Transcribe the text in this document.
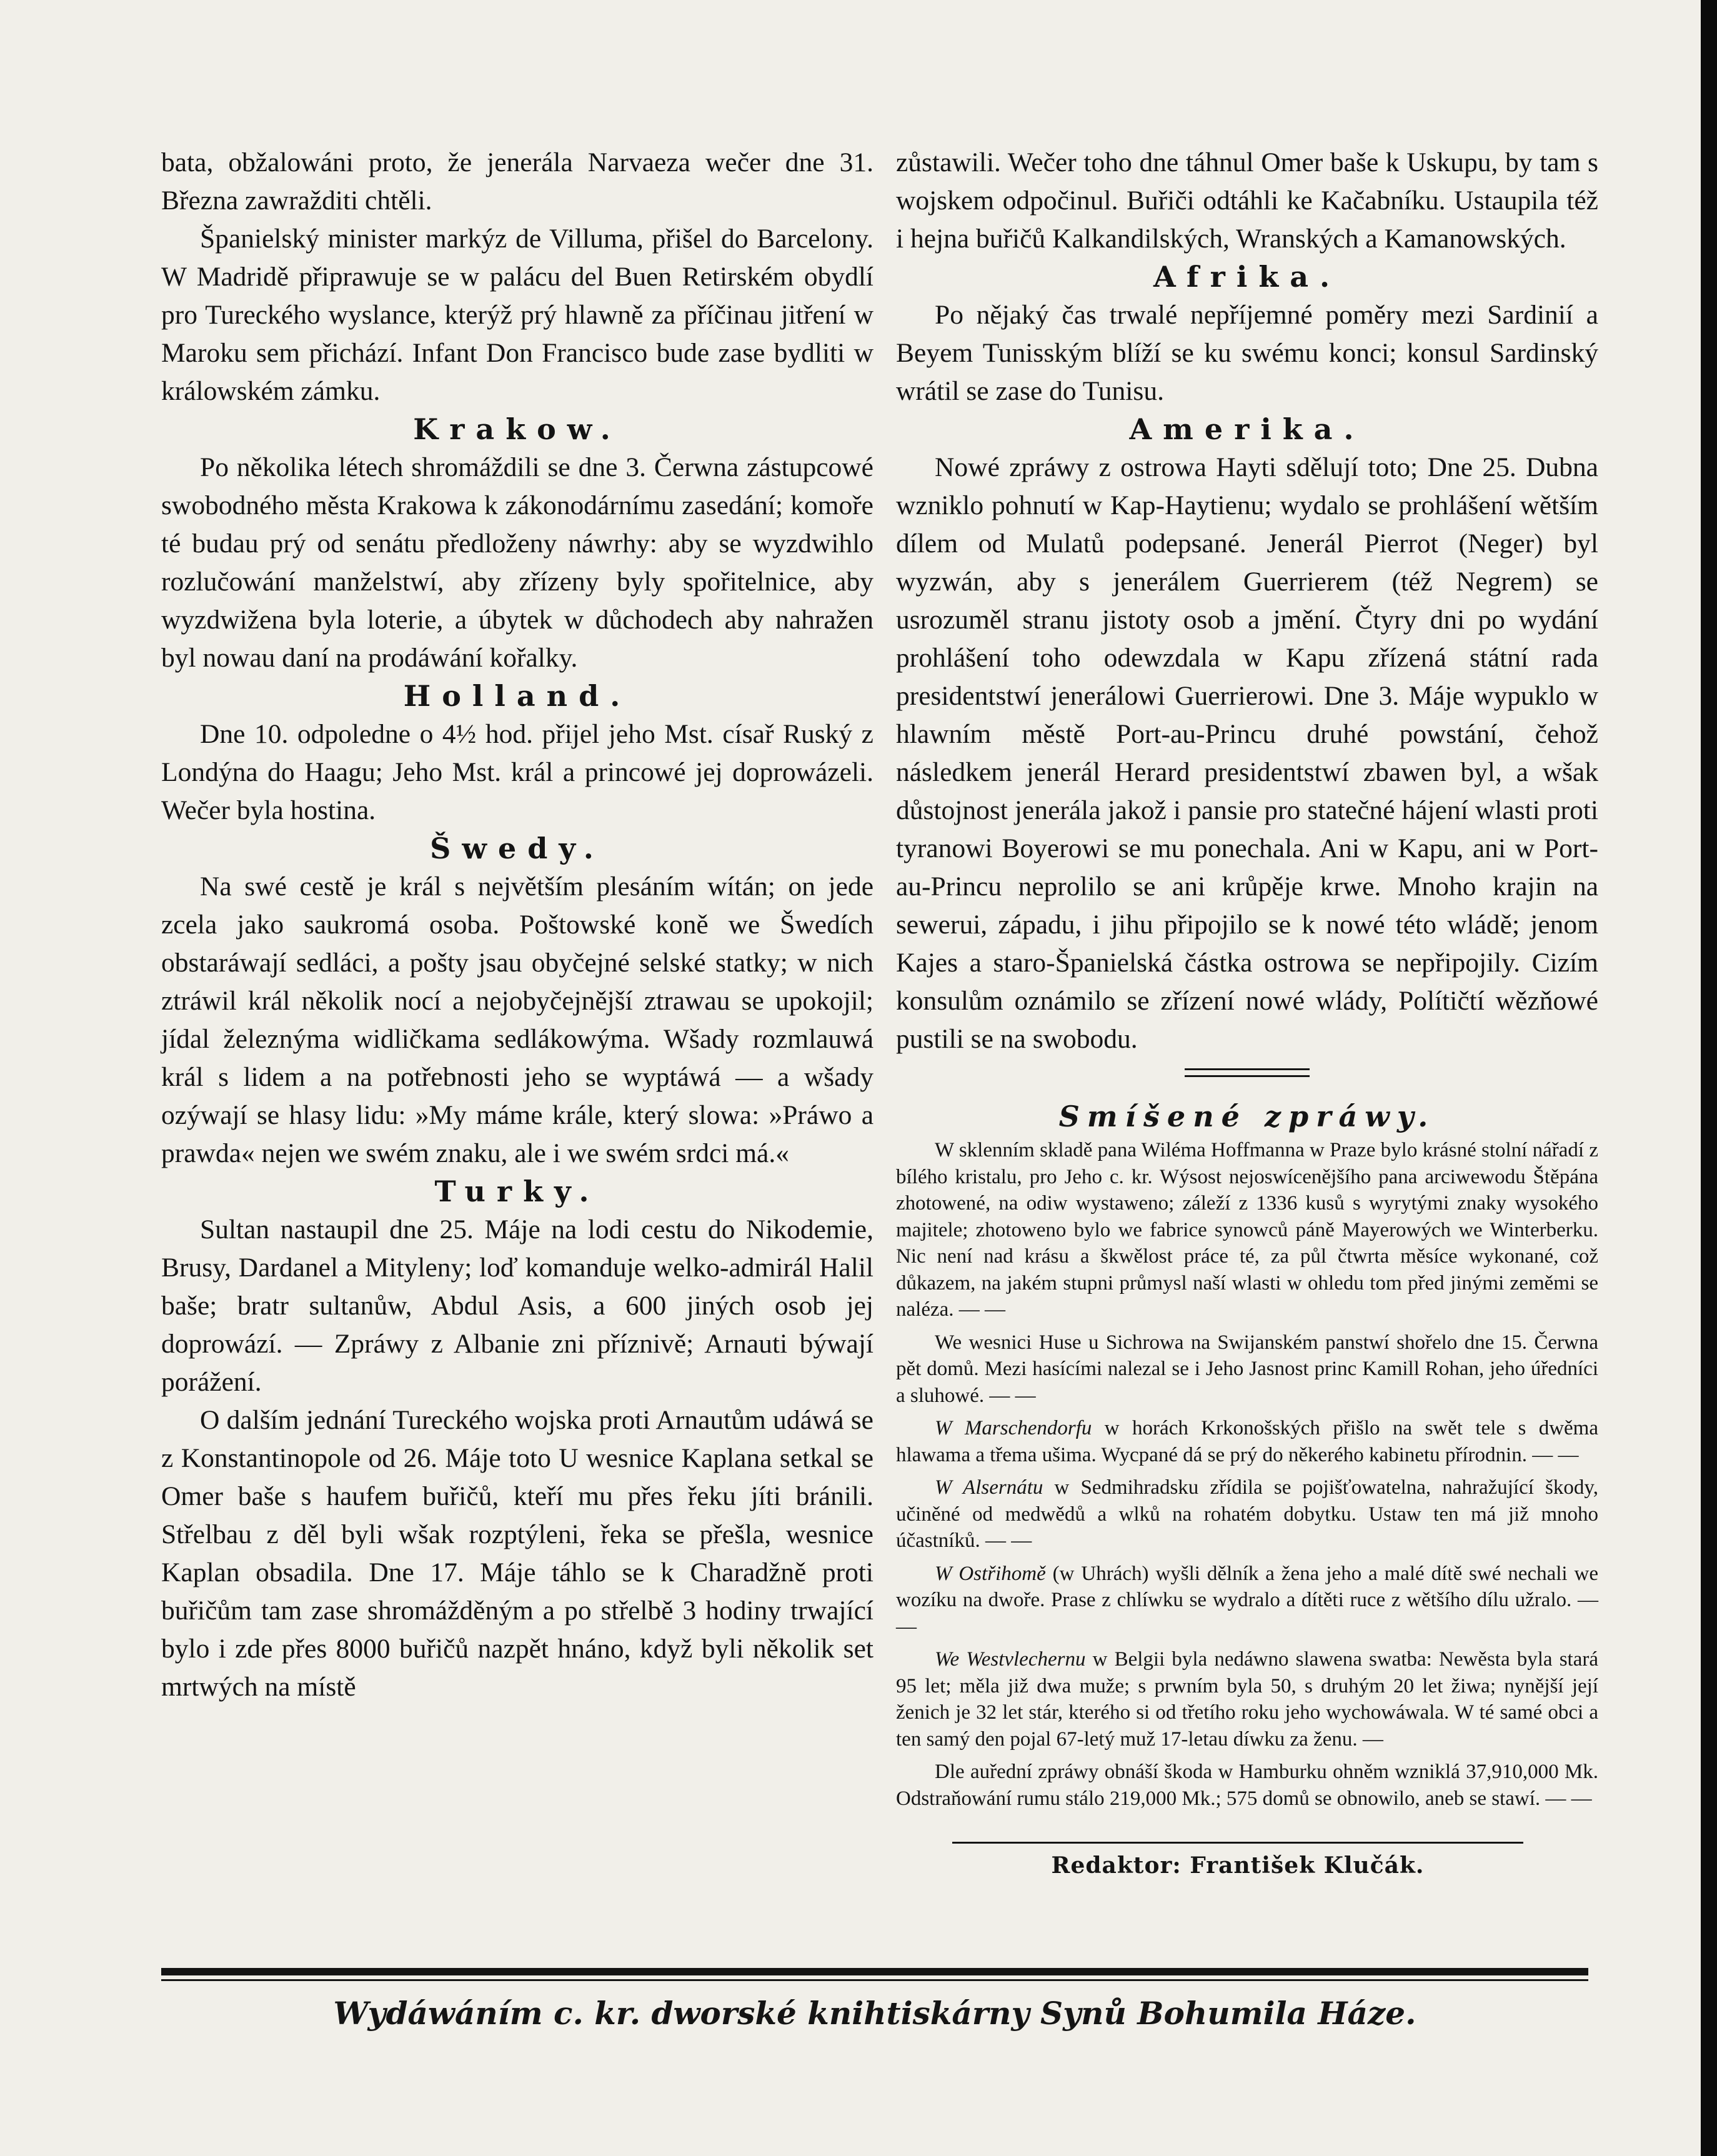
bata, obžalowáni proto, že jenerála Narvaeza wečer dne 31. Března zawražditi chtěli.

Španielský minister markýz de Villuma, přišel do Barcelony. W Madridě připrawuje se w palácu del Buen Retirském obydlí pro Tureckého wyslance, kterýž prý hlawně za příčinau jitření w Maroku sem přichází. Infant Don Francisco bude zase bydliti w králowském zámku.

Krakow.

Po několika létech shromáždili se dne 3. Čerwna zástupcowé swobodného města Krakowa k zákonodárnímu zasedání; komoře té budau prý od senátu předloženy náwrhy: aby se wyzdwihlo rozlučowání manželstwí, aby zřízeny byly spořitelnice, aby wyzdwižena byla loterie, a úbytek w důchodech aby nahražen byl nowau daní na prodáwání kořalky.

Holland.

Dne 10. odpoledne o 4½ hod. přijel jeho Mst. císař Ruský z Londýna do Haagu; Jeho Mst. král a princowé jej doprowázeli. Wečer byla hostina.

Šwedy.

Na swé cestě je král s největším plesáním wítán; on jede zcela jako saukromá osoba. Poštowské koně we Šwedích obstaráwají sedláci, a pošty jsau obyčejné selské statky; w nich ztráwil král několik nocí a nejobyčejnější ztrawau se upokojil; jídal železnýma widličkama sedlákowýma. Wšady rozmlauwá král s lidem a na potřebnosti jeho se wyptáwá — a wšady ozýwají se hlasy lidu: »My máme krále, který slowa: »Práwo a prawda« nejen we swém znaku, ale i we swém srdci má.«

Turky.

Sultan nastaupil dne 25. Máje na lodi cestu do Nikodemie, Brusy, Dardanel a Mityleny; loď komanduje welko-admirál Halil baše; bratr sultanůw, Abdul Asis, a 600 jiných osob jej doprowází. — Zpráwy z Albanie zni příznivě; Arnauti býwají porážení.

O dalším jednání Tureckého wojska proti Arnautům udáwá se z Konstantinopole od 26. Máje toto U wesnice Kaplana setkal se Omer baše s haufem buřičů, kteří mu přes řeku jíti bránili. Střelbau z děl byli wšak rozptýleni, řeka se přešla, wesnice Kaplan obsadila. Dne 17. Máje táhlo se k Charadžně proti buřičům tam zase shromážděným a po střelbě 3 hodiny trwající bylo i zde přes 8000 buřičů nazpět hnáno, když byli několik set mrtwých na místě

zůstawili. Wečer toho dne táhnul Omer baše k Uskupu, by tam s wojskem odpočinul. Buřiči odtáhli ke Kačabníku. Ustaupila též i hejna buřičů Kalkandilských, Wranských a Kamanowských.

Afrika.

Po nějaký čas trwalé nepříjemné poměry mezi Sardinií a Beyem Tunisským blíží se ku swému konci; konsul Sardinský wrátil se zase do Tunisu.

Amerika.

Nowé zpráwy z ostrowa Hayti sdělují toto; Dne 25. Dubna wzniklo pohnutí w Kap-Haytienu; wydalo se prohlášení wětším dílem od Mulatů podepsané. Jenerál Pierrot (Neger) byl wyzwán, aby s jenerálem Guerrierem (též Negrem) se usrozuměl stranu jistoty osob a jmění. Čtyry dni po wydání prohlášení toho odewzdala w Kapu zřízená státní rada presidentstwí jenerálowi Guerrierowi. Dne 3. Máje wypuklo w hlawním městě Port-au-Princu druhé powstání, čehož následkem jenerál Herard presidentstwí zbawen byl, a wšak důstojnost jenerála jakož i pansie pro statečné hájení wlasti proti tyranowi Boyerowi se mu ponechala. Ani w Kapu, ani w Port-au-Princu neprolilo se ani krůpěje krwe. Mnoho krajin na sewerui, západu, i jihu připojilo se k nowé této wládě; jenom Kajes a staro-Španielská částka ostrowa se nepřipojily. Cizím konsulům oznámilo se zřízení nowé wlády, Polítičtí wězňowé pustili se na swobodu.

Smíšené zpráwy.

W sklenním skladě pana Wiléma Hoffmanna w Praze bylo krásné stolní nářadí z bílého kristalu, pro Jeho c. kr. Wýsost nejoswícenějšího pana arciwewodu Štěpána zhotowené, na odiw wystaweno; záleží z 1336 kusů s wyrytými znaky wysokého majitele; zhotoweno bylo we fabrice synowců páně Mayerowých we Winterberku. Nic není nad krásu a škwělost práce té, za půl čtwrta měsíce wykonané, což důkazem, na jakém stupni průmysl naší wlasti w ohledu tom před jinými zeměmi se naléza. — —

We wesnici Huse u Sichrowa na Swijanském panstwí shořelo dne 15. Čerwna pět domů. Mezi hasícími nalezal se i Jeho Jasnost princ Kamill Rohan, jeho úředníci a sluhowé. — —

W Marschendorfu w horách Krkonošských přišlo na swět tele s dwěma hlawama a třema ušima. Wycpané dá se prý do někerého kabinetu přírodnin. — —

W Alsernátu w Sedmihradsku zřídila se pojišťowatelna, nahražující škody, učiněné od medwědů a wlků na rohatém dobytku. Ustaw ten má již mnoho účastníků. — —

W Ostřihomě (w Uhrách) wyšli dělník a žena jeho a malé dítě swé nechali we wozíku na dwoře. Prase z chlíwku se wydralo a dítěti ruce z wětšího dílu užralo. — —

We Westvlechernu w Belgii byla nedáwno slawena swatba: Newěsta byla stará 95 let; měla již dwa muže; s prwním byla 50, s druhým 20 let žiwa; nynější její ženich je 32 let stár, kterého si od třetího roku jeho wychowáwala. W té samé obci a ten samý den pojal 67-letý muž 17-letau díwku za ženu. —

Dle auřední zpráwy obnáší škoda w Hamburku ohněm wzniklá 37,910,000 Mk. Odstraňowání rumu stálo 219,000 Mk.; 575 domů se obnowilo, aneb se stawí. — —

Redaktor: František Klučák.
Wydáwáním c. kr. dworské knihtiskárny Synů Bohumila Háze.
